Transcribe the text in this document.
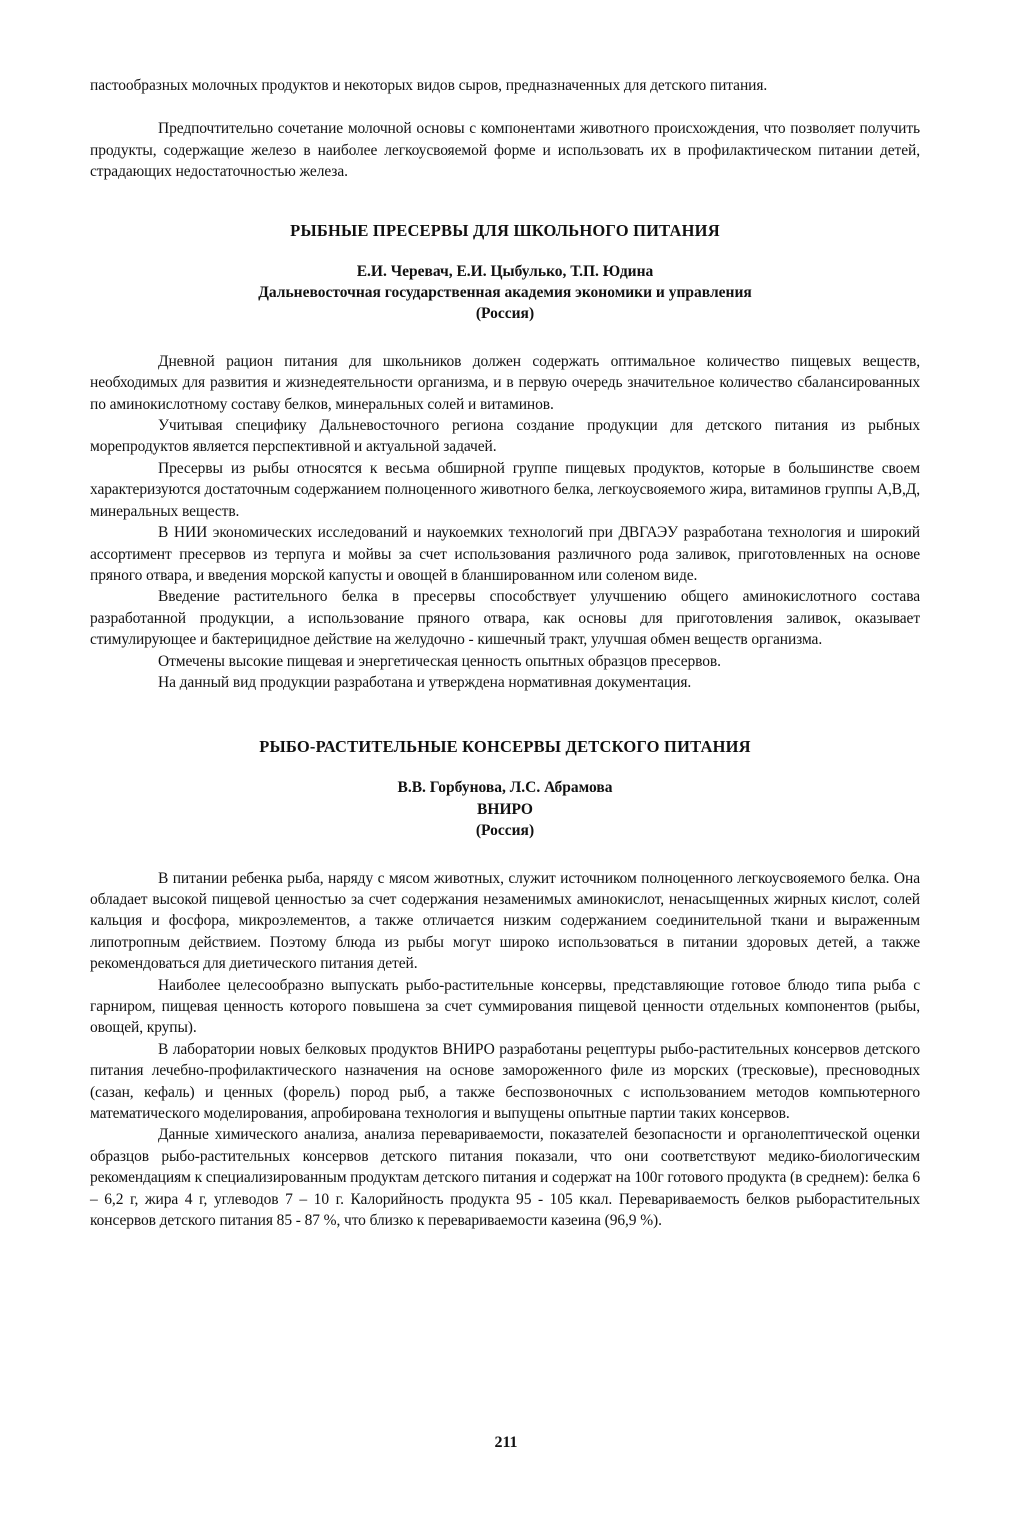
пастообразных молочных продуктов и некоторых видов сыров, предназначенных для детского питания.

Предпочтительно сочетание молочной основы с компонентами животного происхождения, что позволяет получить продукты, содержащие железо в наиболее легкоусвояемой форме и использовать их в профилактическом питании детей, страдающих недостаточностью железа.

РЫБНЫЕ ПРЕСЕРВЫ ДЛЯ ШКОЛЬНОГО ПИТАНИЯ
Е.И. Черевач, Е.И. Цыбулько, Т.П. Юдина
Дальневосточная государственная академия экономики и управления
(Россия)

Дневной рацион питания для школьников должен содержать оптимальное количество пищевых веществ, необходимых для развития и жизнедеятельности организма, и в первую очередь значительное количество сбалансированных по аминокислотному составу белков, минеральных солей и витаминов.

Учитывая специфику Дальневосточного региона создание продукции для детского питания из рыбных морепродуктов является перспективной и актуальной задачей.

Пресервы из рыбы относятся к весьма обширной группе пищевых продуктов, которые в большинстве своем характеризуются достаточным содержанием полноценного животного белка, легкоусвояемого жира, витаминов группы А,В,Д, минеральных веществ.

В НИИ экономических исследований и наукоемких технологий при ДВГАЭУ разработана технология и широкий ассортимент пресервов из терпуга и мойвы за счет использования различного рода заливок, приготовленных на основе пряного отвара, и введения морской капусты и овощей в бланшированном или соленом виде.

Введение растительного белка в пресервы способствует улучшению общего аминокислотного состава разработанной продукции, а использование пряного отвара, как основы для приготовления заливок, оказывает стимулирующее и бактерицидное действие на желудочно - кишечный тракт, улучшая обмен веществ организма.

Отмечены высокие пищевая и энергетическая ценность опытных образцов пресервов.

На данный вид продукции разработана и утверждена нормативная документация.

РЫБО-РАСТИТЕЛЬНЫЕ КОНСЕРВЫ ДЕТСКОГО ПИТАНИЯ
В.В. Горбунова, Л.С. Абрамова
ВНИРО
(Россия)

В питании ребенка рыба, наряду с мясом животных, служит источником полноценного легкоусвояемого белка. Она обладает высокой пищевой ценностью за счет содержания незаменимых аминокислот, ненасыщенных жирных кислот, солей кальция и фосфора, микроэлементов, а также отличается низким содержанием соединительной ткани и выраженным липотропным действием. Поэтому блюда из рыбы могут широко использоваться в питании здоровых детей, а также рекомендоваться для диетического питания детей.

Наиболее целесообразно выпускать рыбо-растительные консервы, представляющие готовое блюдо типа рыба с гарниром, пищевая ценность которого повышена за счет суммирования пищевой ценности отдельных компонентов (рыбы, овощей, крупы).

В лаборатории новых белковых продуктов ВНИРО разработаны рецептуры рыбо-растительных консервов детского питания лечебно-профилактического назначения на основе замороженного филе из морских (тресковые), пресноводных (сазан, кефаль) и ценных (форель) пород рыб, а также беспозвоночных с использованием методов компьютерного математического моделирования, апробирована технология и выпущены опытные партии таких консервов.

Данные химического анализа, анализа перевариваемости, показателей безопасности и органолептической оценки образцов рыбо-растительных консервов детского питания показали, что они соответствуют медико-биологическим рекомендациям к специализированным продуктам детского питания и содержат на 100г готового продукта (в среднем): белка 6 – 6,2 г, жира 4 г, углеводов 7 – 10 г. Калорийность продукта 95 - 105 ккал. Перевариваемость белков рыборастительных консервов детского питания 85 - 87 %, что близко к перевариваемости казеина (96,9 %).

211
